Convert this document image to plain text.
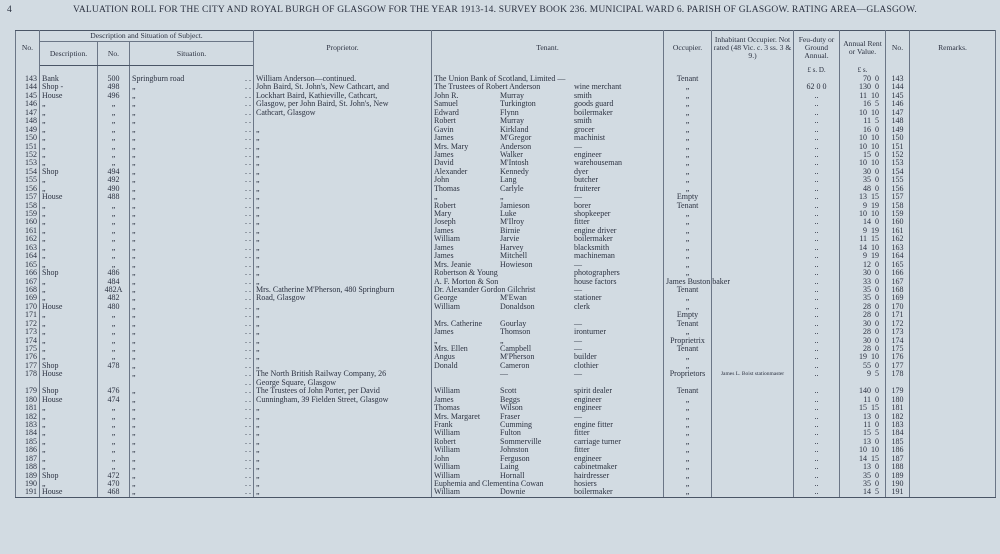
4	VALUATION ROLL FOR THE CITY AND ROYAL BURGH OF GLASGOW FOR THE YEAR 1913-14. SURVEY BOOK 236. MUNICIPAL WARD 6. PARISH OF GLASGOW. RATING AREA—GLASGOW.
No.	Description and Situation of Subject.			Proprietor.	Tenant.	Occupier.	Inhabitant Occupier. Not rated (48 Vic. c. 3 ss. 3 & 9.)	Feu-duty or Ground Annual.	Annual Rent or Value.	No.	Remarks.
	Description.	No.	Situation.								
								£ s. D.	£ s.		
143	Bank	500	Springburn road . .	William Anderson—continued.	The Union Bank of Scotland, Limited —	Tenant			70 0	143	
144	Shop -	498	„ . .	John Baird, St. John's, New Cathcart, and	The Trustees of Robert Anderson wine merchant	„		62 0 0	130 0	144	
145	House	496	„ . .	Lockhart Baird, Kathieville, Cathcart,	John R. Murray smith	„		..	11 10	145	
146	„	„	„ . .	Glasgow, per John Baird, St. John's, New	Samuel Turkington goods guard	„		..	16 5	146	
147	„	„	„ . .	Cathcart, Glasgow	Edward Flynn boilermaker	„		..	10 10	147	
148	„	„	„ . .		Robert Murray smith	„		..	11 5	148	
149	„	„	„ . .	„	Gavin Kirkland grocer	„		..	16 0	149	
150	„	„	„ . .	„	James M'Gregor machinist	„		..	10 10	150	
151	„	„	„ . .	„	Mrs. Mary Anderson —	„		..	10 10	151	
152	„	„	„ . .	„	James Walker engineer	„		..	15 0	152	
153	„	„	„ . .	„	David M'Intosh warehouseman	„		..	10 10	153	
154	Shop	494	„ . .	„	Alexander Kennedy dyer	„		..	30 0	154	
155	„	492	„ . .	„	John Lang butcher	„		..	35 0	155	
156	„	490	„ . .	„	Thomas Carlyle fruiterer	„		..	48 0	156	
157	House	488	„ . .	„	„ „ —	Empty		..	13 15	157	
158	„	„	„ . .	„	Robert Jamieson borer	Tenant		..	9 19	158	
159	„	„	„ . .	„	Mary Luke shopkeeper	„		..	10 10	159	
160	„	„	„ . .	„	Joseph M'Ilroy fitter	„		..	14 0	160	
161	„	„	„ . .	„	James Birnie engine driver	„		..	9 19	161	
162	„	„	„ . .	„	William Jarvie boilermaker	„		..	11 15	162	
163	„	„	„ . .	„	James Harvey blacksmith	„		..	14 10	163	
164	„	„	„ . .	„	James Mitchell machineman	„		..	9 19	164	
165	„	„	„ . .	„	Mrs. Jeanie Howieson —	„		..	12 0	165	
166	Shop	486	„ . .	„	Robertson & Young photographers	„		..	30 0	166	
167	„	484	„ . .	„	A. F. Morton & Son house factors	James Buston baker		..	33 0	167	
168	„	482A	„ . .	Mrs. Catherine M'Pherson, 480 Springburn	Dr. Alexander Gordon Gilchrist —	Tenant		..	35 0	168	
169	„	482	„ . .	Road, Glasgow	George M'Ewan stationer	„		..	35 0	169	
170	House	480	„ . .	„	William Donaldson clerk	„		..	28 0	170	
171	„	„	„ . .	„		Empty		..	28 0	171	
172	„	„	„ . .	„	Mrs. Catherine Gourlay —	Tenant		..	30 0	172	
173	„	„	„ . .	„	James Thomson ironturner	„		..	28 0	173	
174	„	„	„ . .	„	„ „ —	Proprietrix		..	30 0	174	
175	„	„	„ . .	„	Mrs. Ellen Campbell —	Tenant		..	28 0	175	
176	„	„	„ . .	„	Angus M'Pherson builder	„		..	19 10	176	
177	Shop	478	„ . .	„	Donald Cameron clothier	„		..	55 0	177	
178	House		„ . .	The North British Railway Company, 26	— —	Proprietors	James L. Boist stationmaster	..	9 5	178	

			. .	George Square, Glasgow	

179	Shop	476	„ . .	The Trustees of John Porter, per David	William Scott spirit dealer	Tenant		..	140 0	179	
180	House	474	„ . .	Cunningham, 39 Fielden Street, Glasgow	James Beggs engineer	„		..	11 0	180	
181	„	„	„ . .	„	Thomas Wilson engineer	„		..	15 15	181	
182	„	„	„ . .	„	Mrs. Margaret Fraser —	„		..	13 0	182	
183	„	„	„ . .	„	Frank Cumming engine fitter	„		..	11 0	183	
184	„	„	„ . .	„	William Fulton fitter	„		..	15 5	184	
185	„	„	„ . .	„	Robert Sommerville carriage turner	„		..	13 0	185	
186	„	„	„ . .	„	William Johnston fitter	„		..	10 10	186	
187	„	„	„ . .	„	John Ferguson engineer	„		..	14 15	187	
188	„	„	„ . .	„	William Laing cabinetmaker	„		..	13 0	188	
189	Shop	472	„ . .	„	William Hornall hairdresser	„		..	35 0	189	
190	„	470	„ . .	„	Euphemia and Clementina Cowan hosiers	„		..	35 0	190	
191	House	468	„ . .	„	William Downie boilermaker	„		..	14 5	191	
